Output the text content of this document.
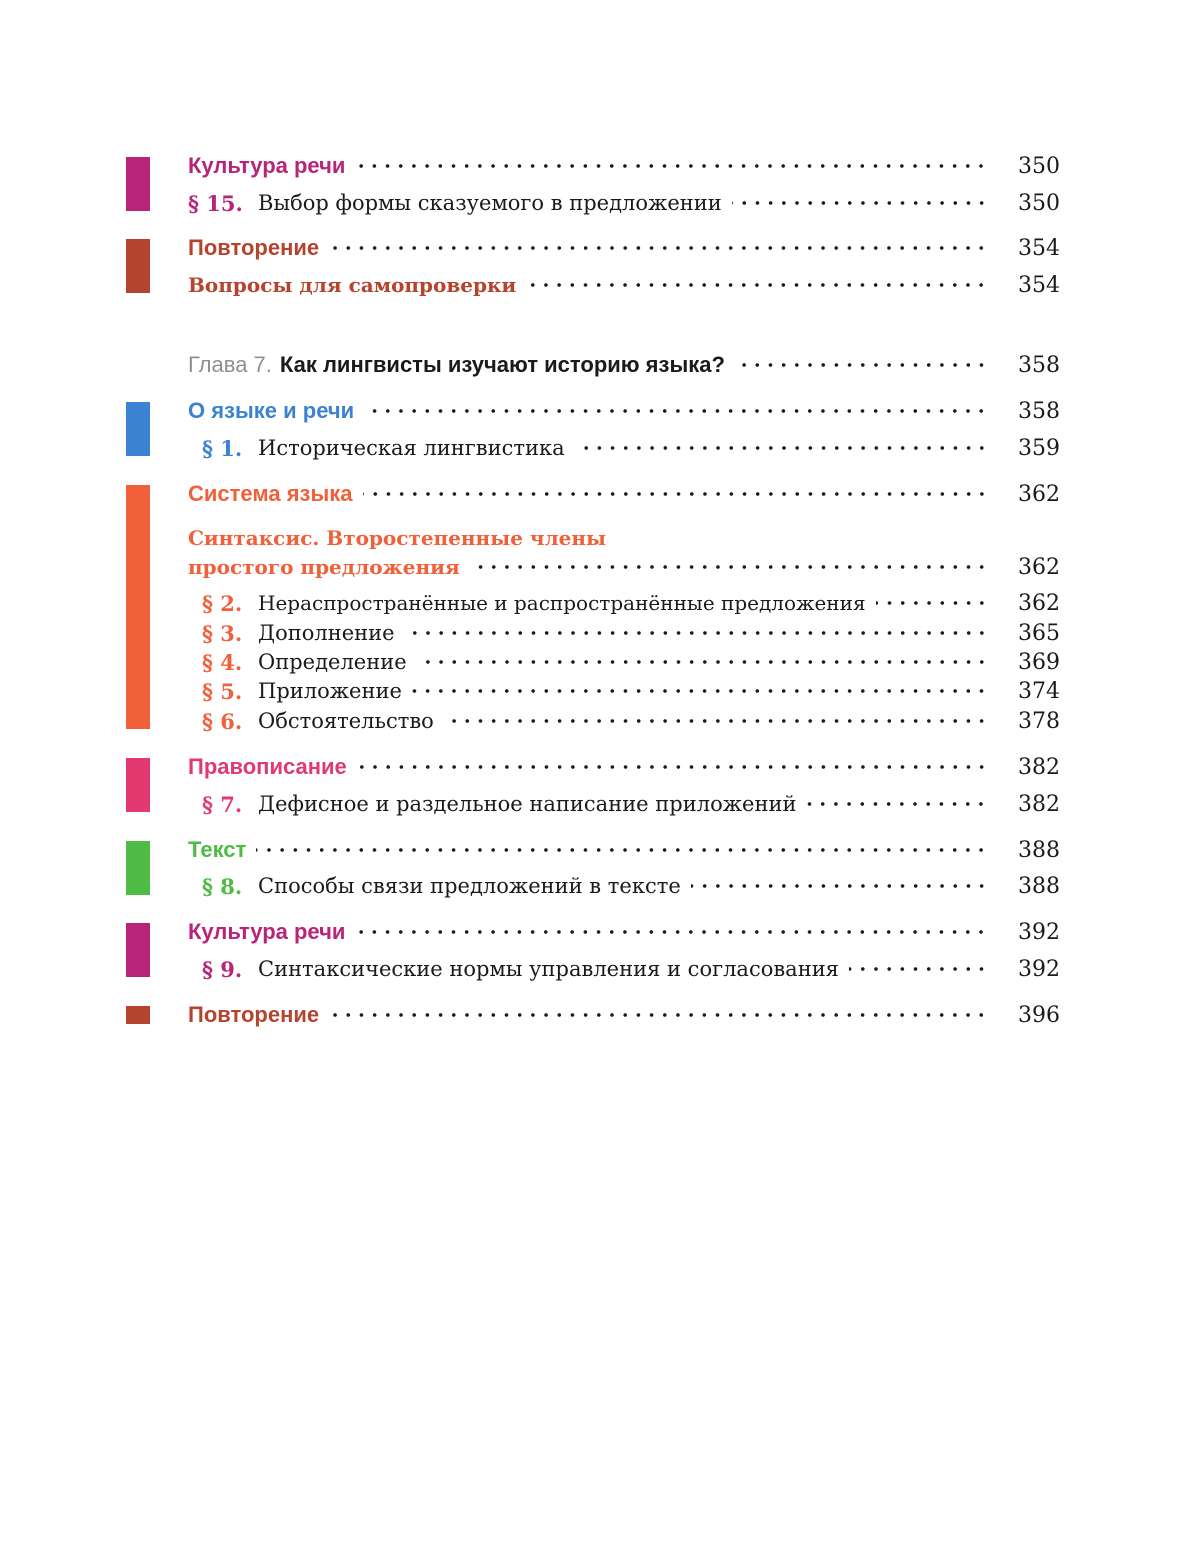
Культура речи	350
§ 15. Выбор формы сказуемого в предложении	350
Повторение	354
Вопросы для самопроверки	354
Глава 7. Как лингвисты изучают историю языка?	358
О языке и речи	358
§ 1. Историческая лингвистика	359
Система языка	362
Синтаксис. Второстепенные члены
простого предложения	362
§ 2. Нераспространённые и распространённые предложения	362
§ 3. Дополнение	365
§ 4. Определение	369
§ 5. Приложение	374
§ 6. Обстоятельство	378
Правописание	382
§ 7. Дефисное и раздельное написание приложений	382
Текст	388
§ 8. Способы связи предложений в тексте	388
Культура речи	392
§ 9. Синтаксические нормы управления и согласования	392
Повторение	396
